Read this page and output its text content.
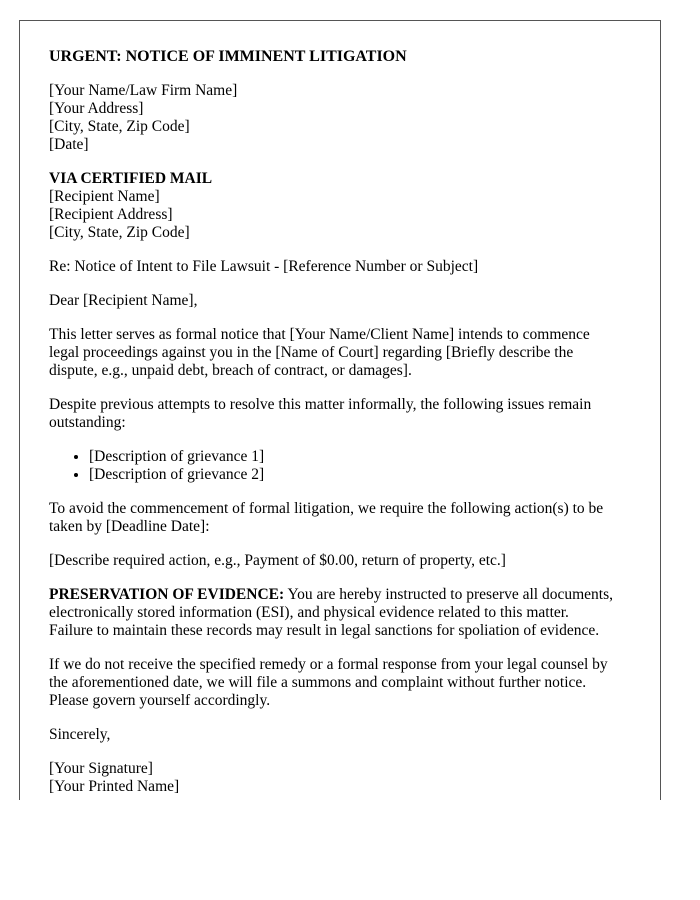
URGENT: NOTICE OF IMMINENT LITIGATION

[Your Name/Law Firm Name]
[Your Address]
[City, State, Zip Code]
[Date]

VIA CERTIFIED MAIL
[Recipient Name]
[Recipient Address]
[City, State, Zip Code]

Re: Notice of Intent to File Lawsuit - [Reference Number or Subject]

Dear [Recipient Name],

This letter serves as formal notice that [Your Name/Client Name] intends to commence
legal proceedings against you in the [Name of Court] regarding [Briefly describe the
dispute, e.g., unpaid debt, breach of contract, or damages].

Despite previous attempts to resolve this matter informally, the following issues remain
outstanding:

• [Description of grievance 1]
• [Description of grievance 2]

To avoid the commencement of formal litigation, we require the following action(s) to be
taken by [Deadline Date]:

[Describe required action, e.g., Payment of $0.00, return of property, etc.]

PRESERVATION OF EVIDENCE: You are hereby instructed to preserve all documents,
electronically stored information (ESI), and physical evidence related to this matter.
Failure to maintain these records may result in legal sanctions for spoliation of evidence.

If we do not receive the specified remedy or a formal response from your legal counsel by
the aforementioned date, we will file a summons and complaint without further notice.
Please govern yourself accordingly.

Sincerely,

[Your Signature]
[Your Printed Name]
